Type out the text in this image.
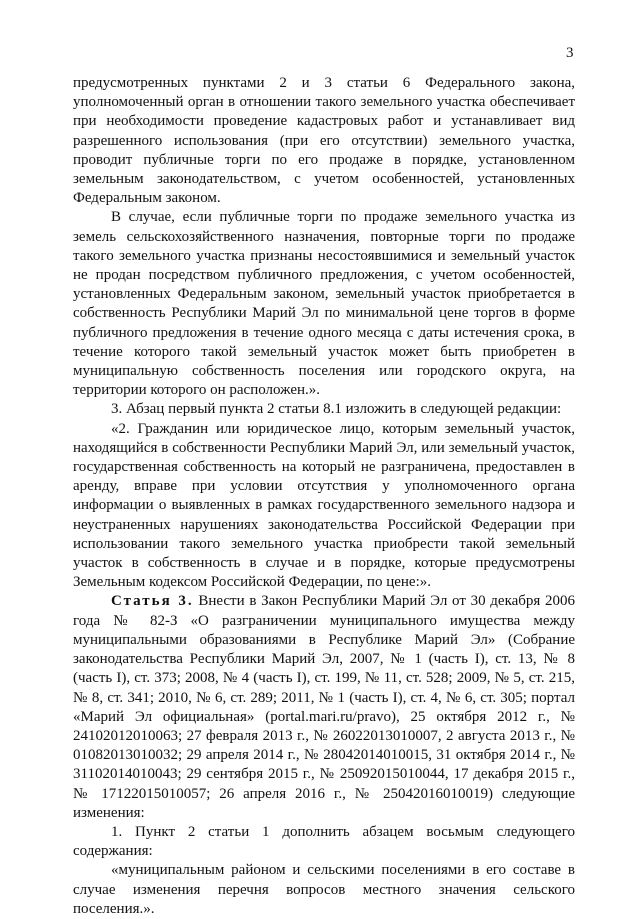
3

предусмотренных пунктами 2 и 3 статьи 6 Федерального закона, уполномоченный орган в отношении такого земельного участка обеспечивает при необходимости проведение кадастровых работ и устанавливает вид разрешенного использования (при его отсутствии) земельного участка, проводит публичные торги по его продаже в порядке, установленном земельным законодательством, с учетом особенностей, установленных Федеральным законом.

В случае, если публичные торги по продаже земельного участка из земель сельскохозяйственного назначения, повторные торги по продаже такого земельного участка признаны несостоявшимися и земельный участок не продан посредством публичного предложения, с учетом особенностей, установленных Федеральным законом, земельный участок приобретается в собственность Республики Марий Эл по минимальной цене торгов в форме публичного предложения в течение одного месяца с даты истечения срока, в течение которого такой земельный участок может быть приобретен в муниципальную собственность поселения или городского округа, на территории которого он расположен.».

3. Абзац первый пункта 2 статьи 8.1 изложить в следующей редакции:

«2. Гражданин или юридическое лицо, которым земельный участок, находящийся в собственности Республики Марий Эл, или земельный участок, государственная собственность на который не разграничена, предоставлен в аренду, вправе при условии отсутствия у уполномоченного органа информации о выявленных в рамках государственного земельного надзора и неустраненных нарушениях законодательства Российской Федерации при использовании такого земельного участка приобрести такой земельный участок в собственность в случае и в порядке, которые предусмотрены Земельным кодексом Российской Федерации, по цене:».

Статья 3. Внести в Закон Республики Марий Эл от 30 декабря 2006 года № 82-З «О разграничении муниципального имущества между муниципальными образованиями в Республике Марий Эл» (Собрание законодательства Республики Марий Эл, 2007, № 1 (часть I), ст. 13, № 8 (часть I), ст. 373; 2008, № 4 (часть I), ст. 199, № 11, ст. 528; 2009, № 5, ст. 215, № 8, ст. 341; 2010, № 6, ст. 289; 2011, № 1 (часть I), ст. 4, № 6, ст. 305; портал «Марий Эл официальная» (portal.mari.ru/pravo), 25 октября 2012 г., № 24102012010063; 27 февраля 2013 г., № 26022013010007, 2 августа 2013 г., № 01082013010032; 29 апреля 2014 г., № 28042014010015, 31 октября 2014 г., № 31102014010043; 29 сентября 2015 г., № 25092015010044, 17 декабря 2015 г., № 17122015010057; 26 апреля 2016 г., № 25042016010019) следующие изменения:

1. Пункт 2 статьи 1 дополнить абзацем восьмым следующего содержания:

«муниципальным районом и сельскими поселениями в его составе в случае изменения перечня вопросов местного значения сельского поселения.».
